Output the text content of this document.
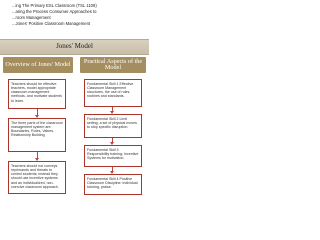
...ing The Primary ESL Classroom (TSL 1109)
...aring the Process Consumer Approaches to
...room Management
...Jones' Positive Classroom Management
Jones' Model
Overview of Jones' Model
Teachers should be effective teachers, model appropriate classroom management methods, and motivate students to learn.
The three parts of the classroom management system are: Boundaries, Rules, Values, Relationship Building
Teachers should not conveys reprimands and threats to control students; instead they should use incentive systems and an individualized, non-coercive classroom approach.
Practical Aspects of the Model
Fundamental Skill 1 Effective Classroom Management structures, the use of rules, routines and standards.
Fundamental Skill 2 Limit setting, a set of physical moves to stop specific disruption.
Fundamental Skill 3 Responsibility training; Incentive Systems for motivation.
Fundamental Skill 4 Positive Classroom Discipline: individual tutoring, praise.
